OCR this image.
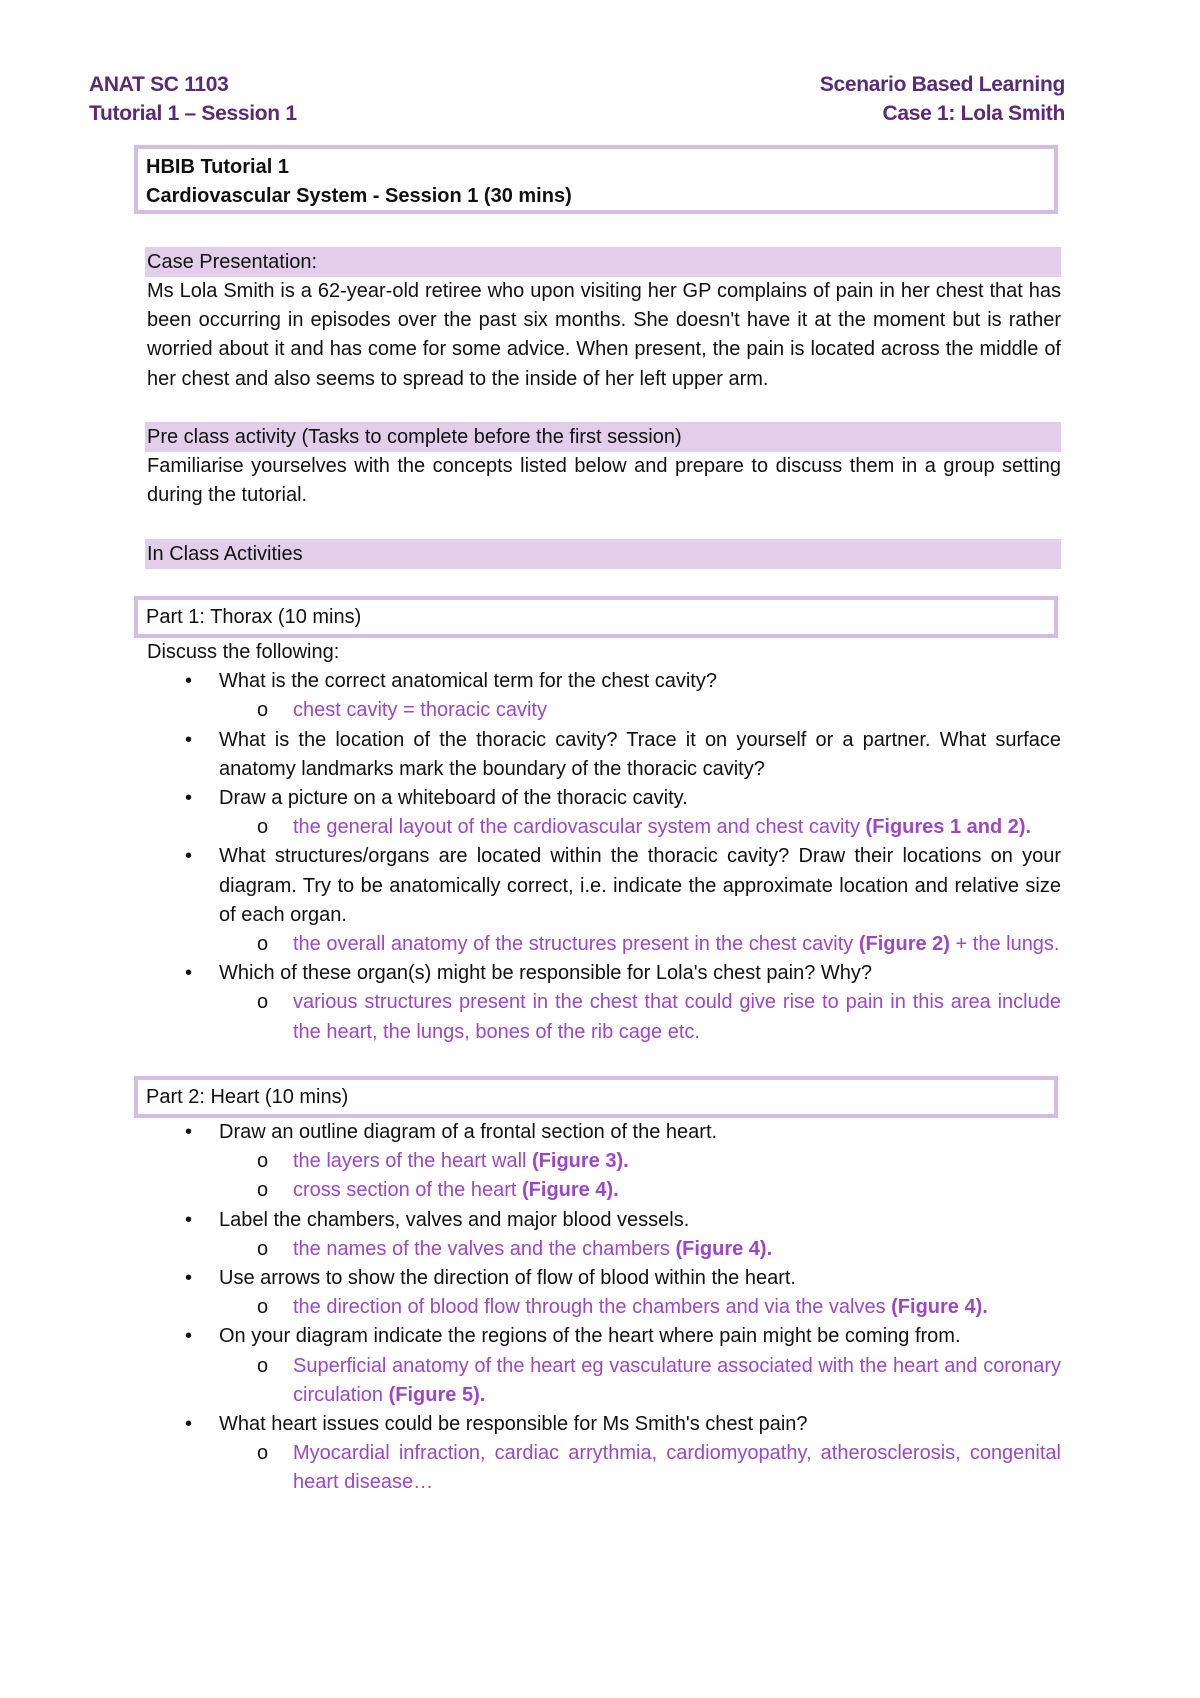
ANAT SC 1103
Tutorial 1 – Session 1
Scenario Based Learning
Case 1: Lola Smith
HBIB Tutorial 1
Cardiovascular System - Session 1 (30 mins)
Case Presentation:
Ms Lola Smith is a 62-year-old retiree who upon visiting her GP complains of pain in her chest that has been occurring in episodes over the past six months. She doesn't have it at the moment but is rather worried about it and has come for some advice. When present, the pain is located across the middle of her chest and also seems to spread to the inside of her left upper arm.
Pre class activity (Tasks to complete before the first session)
Familiarise yourselves with the concepts listed below and prepare to discuss them in a group setting during the tutorial.
In Class Activities
Part 1: Thorax (10 mins)
Discuss the following:
• What is the correct anatomical term for the chest cavity?
o chest cavity = thoracic cavity
• What is the location of the thoracic cavity? Trace it on yourself or a partner. What surface anatomy landmarks mark the boundary of the thoracic cavity?
• Draw a picture on a whiteboard of the thoracic cavity.
o the general layout of the cardiovascular system and chest cavity (Figures 1 and 2).
• What structures/organs are located within the thoracic cavity? Draw their locations on your diagram. Try to be anatomically correct, i.e. indicate the approximate location and relative size of each organ.
o the overall anatomy of the structures present in the chest cavity (Figure 2) + the lungs.
• Which of these organ(s) might be responsible for Lola's chest pain? Why?
o various structures present in the chest that could give rise to pain in this area include the heart, the lungs, bones of the rib cage etc.
Part 2: Heart (10 mins)
• Draw an outline diagram of a frontal section of the heart.
o the layers of the heart wall (Figure 3).
o cross section of the heart (Figure 4).
• Label the chambers, valves and major blood vessels.
o the names of the valves and the chambers (Figure 4).
• Use arrows to show the direction of flow of blood within the heart.
o the direction of blood flow through the chambers and via the valves (Figure 4).
• On your diagram indicate the regions of the heart where pain might be coming from.
o Superficial anatomy of the heart eg vasculature associated with the heart and coronary circulation (Figure 5).
• What heart issues could be responsible for Ms Smith's chest pain?
o Myocardial infraction, cardiac arrythmia, cardiomyopathy, atherosclerosis, congenital heart disease…
